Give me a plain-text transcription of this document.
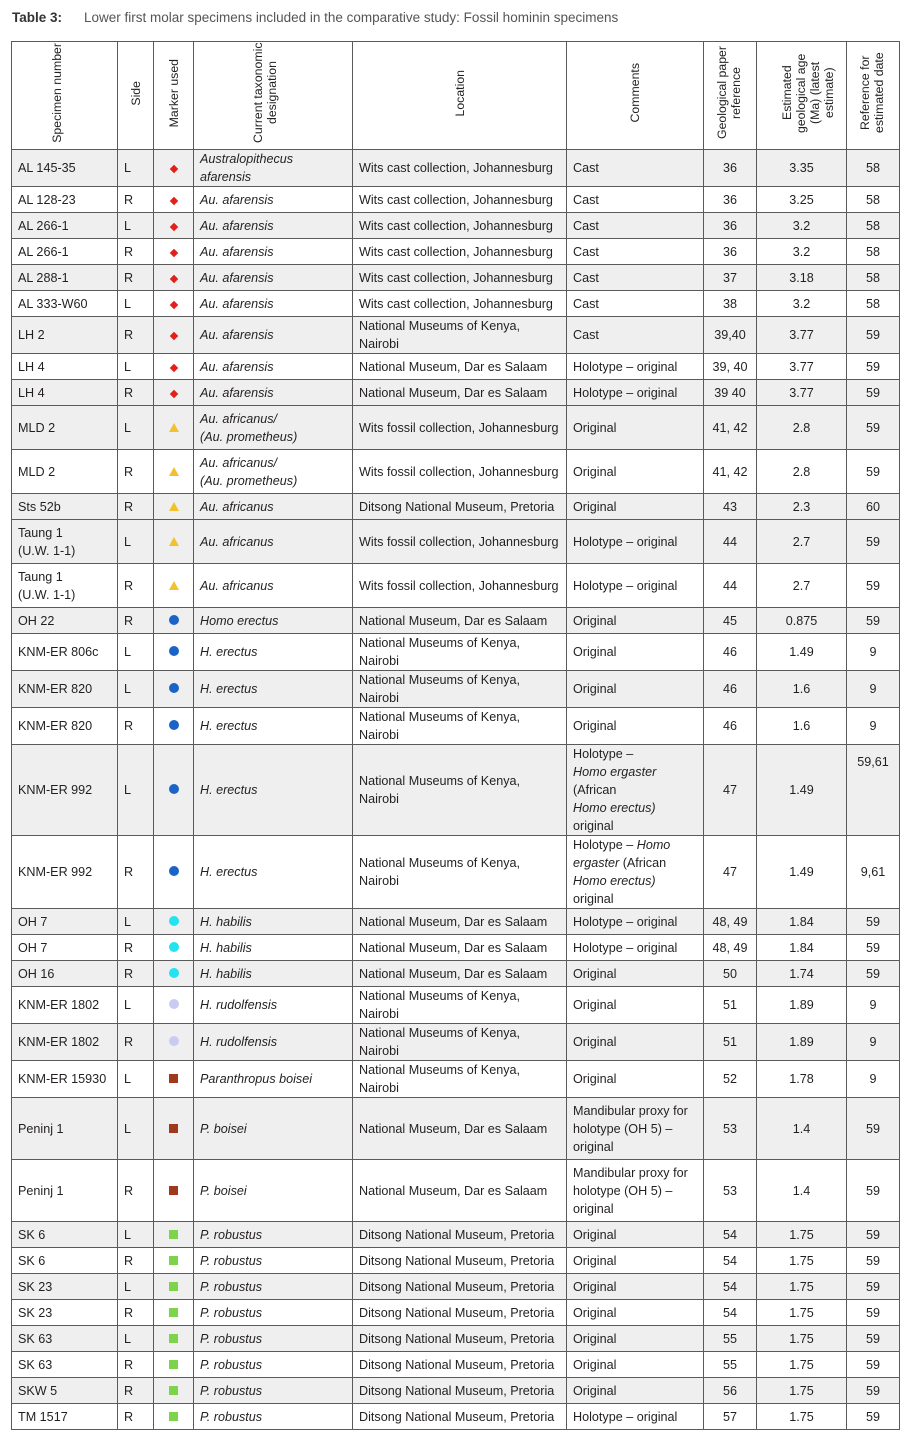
Table 3: Lower first molar specimens included in the comparative study: Fossil hominin specimens
Specimen number	Side	Marker used	Current taxonomic designation	Location	Comments	Geological paper reference	Estimated geological age (Ma) (latest estimate)	Reference for estimated date
AL 145-35	L		Australopithecus afarensis	Wits cast collection, Johannesburg	Cast	36	3.35	58
AL 128-23	R		Au. afarensis	Wits cast collection, Johannesburg	Cast	36	3.25	58
AL 266-1	L		Au. afarensis	Wits cast collection, Johannesburg	Cast	36	3.2	58
AL 266-1	R		Au. afarensis	Wits cast collection, Johannesburg	Cast	36	3.2	58
AL 288-1	R		Au. afarensis	Wits cast collection, Johannesburg	Cast	37	3.18	58
AL 333-W60	L		Au. afarensis	Wits cast collection, Johannesburg	Cast	38	3.2	58
LH 2	R		Au. afarensis	National Museums of Kenya, Nairobi	Cast	39,40	3.77	59
LH 4	L		Au. afarensis	National Museum, Dar es Salaam	Holotype – original	39, 40	3.77	59
LH 4	R		Au. afarensis	National Museum, Dar es Salaam	Holotype – original	39 40	3.77	59
MLD 2	L		Au. africanus/
(Au. prometheus)	Wits fossil collection, Johannesburg	Original	41, 42	2.8	59
MLD 2	R		Au. africanus/
(Au. prometheus)	Wits fossil collection, Johannesburg	Original	41, 42	2.8	59
Sts 52b	R		Au. africanus	Ditsong National Museum, Pretoria	Original	43	2.3	60
Taung 1
(U.W. 1-1)	L		Au. africanus	Wits fossil collection, Johannesburg	Holotype – original	44	2.7	59
Taung 1
(U.W. 1-1)	R		Au. africanus	Wits fossil collection, Johannesburg	Holotype – original	44	2.7	59
OH 22	R		Homo erectus	National Museum, Dar es Salaam	Original	45	0.875	59
KNM-ER 806c	L		H. erectus	National Museums of Kenya, Nairobi	Original	46	1.49	9
KNM-ER 820	L		H. erectus	National Museums of Kenya, Nairobi	Original	46	1.6	9
KNM-ER 820	R		H. erectus	National Museums of Kenya, Nairobi	Original	46	1.6	9
KNM-ER 992	L		H. erectus	National Museums of Kenya, Nairobi	Holotype –
Homo ergaster (African
Homo erectus) original	47	1.49	59,61
KNM-ER 992	R		H. erectus	National Museums of Kenya, Nairobi	Holotype – Homo
ergaster (African
Homo erectus) original	47	1.49	9,61
OH 7	L		H. habilis	National Museum, Dar es Salaam	Holotype – original	48, 49	1.84	59
OH 7	R		H. habilis	National Museum, Dar es Salaam	Holotype – original	48, 49	1.84	59
OH 16	R		H. habilis	National Museum, Dar es Salaam	Original	50	1.74	59
KNM-ER 1802	L		H. rudolfensis	National Museums of Kenya, Nairobi	Original	51	1.89	9
KNM-ER 1802	R		H. rudolfensis	National Museums of Kenya, Nairobi	Original	51	1.89	9
KNM-ER 15930	L		Paranthropus boisei	National Museums of Kenya, Nairobi	Original	52	1.78	9
Peninj 1	L		P. boisei	National Museum, Dar es Salaam	Mandibular proxy for
holotype (OH 5) –
original	53	1.4	59
Peninj 1	R		P. boisei	National Museum, Dar es Salaam	Mandibular proxy for
holotype (OH 5) –
original	53	1.4	59
SK 6	L		P. robustus	Ditsong National Museum, Pretoria	Original	54	1.75	59
SK 6	R		P. robustus	Ditsong National Museum, Pretoria	Original	54	1.75	59
SK 23	L		P. robustus	Ditsong National Museum, Pretoria	Original	54	1.75	59
SK 23	R		P. robustus	Ditsong National Museum, Pretoria	Original	54	1.75	59
SK 63	L		P. robustus	Ditsong National Museum, Pretoria	Original	55	1.75	59
SK 63	R		P. robustus	Ditsong National Museum, Pretoria	Original	55	1.75	59
SKW 5	R		P. robustus	Ditsong National Museum, Pretoria	Original	56	1.75	59
TM 1517	R		P. robustus	Ditsong National Museum, Pretoria	Holotype – original	57	1.75	59
